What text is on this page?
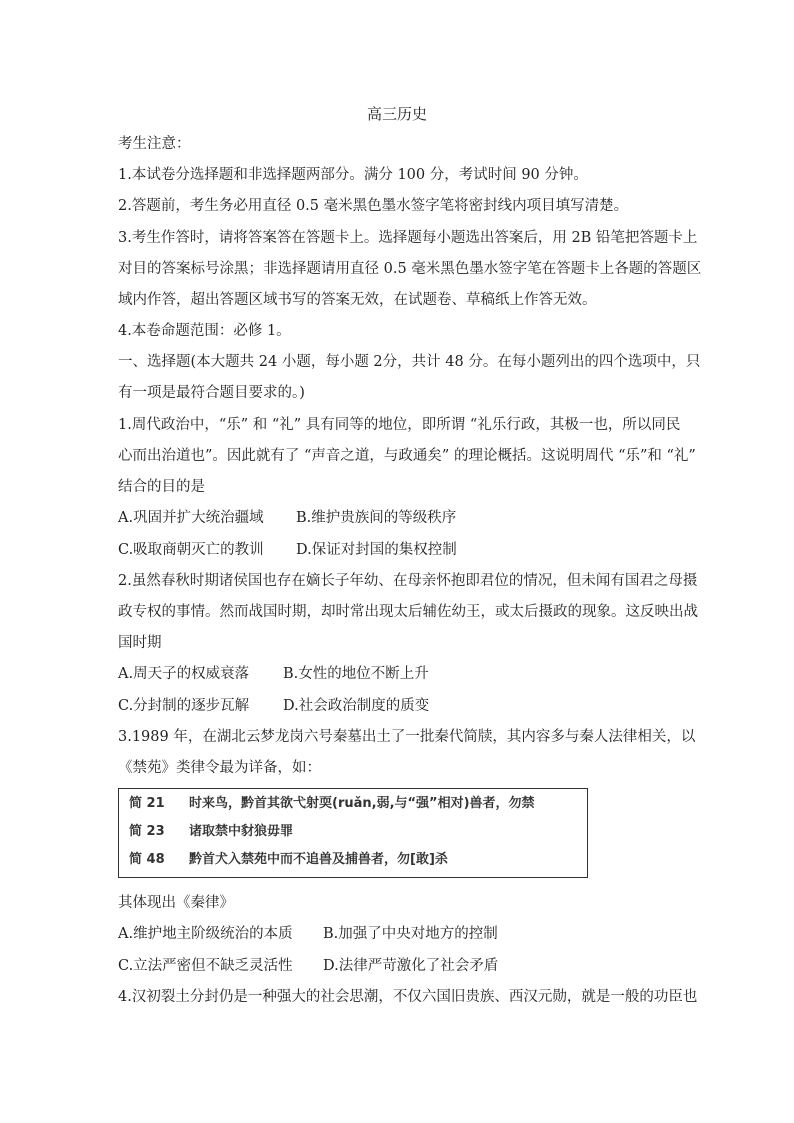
高三历史
考生注意：
1.本试卷分选择题和非选择题两部分。满分 100 分，考试时间 90 分钟。
2.答题前，考生务必用直径 0.5 毫米黑色墨水签字笔将密封线内项目填写清楚。
3.考生作答时，请将答案答在答题卡上。选择题每小题选出答案后，用 2B 铅笔把答题卡上
对目的答案标号涂黑；非选择题请用直径 0.5 毫米黑色墨水签字笔在答题卡上各题的答题区
域内作答，超出答题区域书写的答案无效，在试题卷、草稿纸上作答无效。
4.本卷命题范围：必修 1。
一、选择题(本大题共 24 小题，每小题 2分，共计 48 分。在每小题列出的四个选项中，只
有一项是最符合题目要求的。)
1.周代政治中，“乐” 和 “礼” 具有同等的地位，即所谓 “礼乐行政，其极一也，所以同民
心而出治道也”。因此就有了 “声音之道，与政通矣” 的理论概括。这说明周代 “乐”和 “礼”
结合的目的是
A.巩固并扩大统治疆域 B.维护贵族间的等级秩序
C.吸取商朝灭亡的教训 D.保证对封国的集权控制
2.虽然春秋时期诸侯国也存在嫡长子年幼、在母亲怀抱即君位的情况，但未闻有国君之母摄
政专权的事情。然而战国时期，却时常出现太后辅佐幼王，或太后摄政的现象。这反映出战
国时期
A.周天子的权威衰落 B.女性的地位不断上升
C.分封制的逐步瓦解 D.社会政治制度的质变
3.1989 年，在湖北云梦龙岗六号秦墓出土了一批秦代简牍，其内容多与秦人法律相关，以
《禁苑》类律令最为详备，如：
简 21 时来鸟，黔首其欲弋射耎(ruǎn,弱,与“强”相对)兽者，勿禁
简 23 诸取禁中豺狼毋罪
简 48 黔首犬入禁苑中而不追兽及捕兽者，勿[敢]杀
其体现出《秦律》
A.维护地主阶级统治的本质 B.加强了中央对地方的控制
C.立法严密但不缺乏灵活性 D.法律严苛激化了社会矛盾
4.汉初裂土分封仍是一种强大的社会思潮，不仅六国旧贵族、西汉元勋，就是一般的功臣也
